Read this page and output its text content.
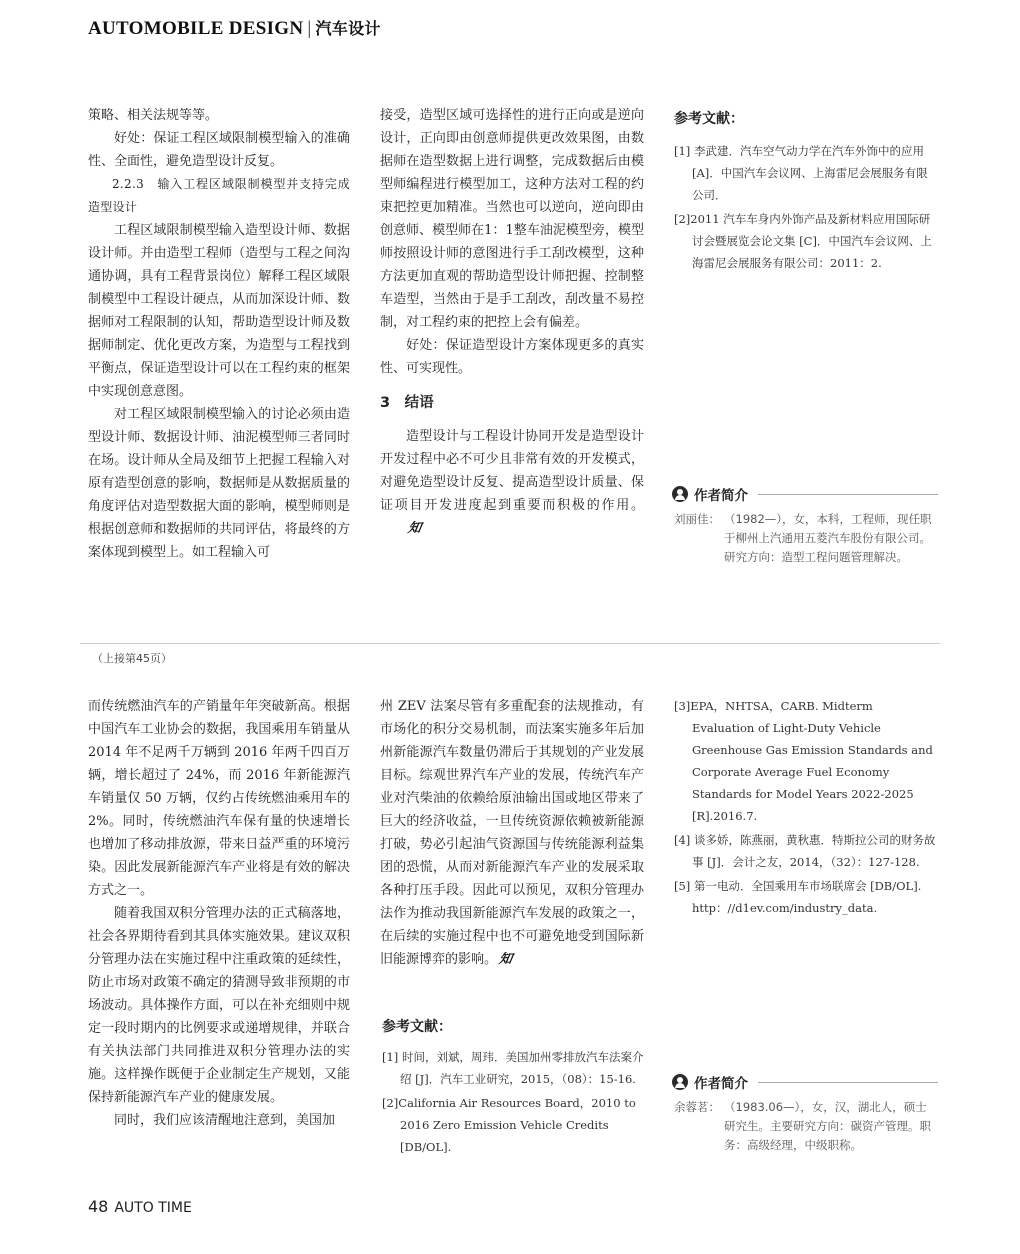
AUTOMOBILE DESIGN | 汽车设计

策略、相关法规等等。

好处：保证工程区域限制模型输入的准确性、全面性，避免造型设计反复。

2.2.3　输入工程区域限制模型并支持完成造型设计

工程区域限制模型输入造型设计师、数据设计师。并由造型工程师（造型与工程之间沟通协调，具有工程背景岗位）解释工程区域限制模型中工程设计硬点，从而加深设计师、数据师对工程限制的认知，帮助造型设计师及数据师制定、优化更改方案，为造型与工程找到平衡点，保证造型设计可以在工程约束的框架中实现创意意图。

对工程区域限制模型输入的讨论必须由造型设计师、数据设计师、油泥模型师三者同时在场。设计师从全局及细节上把握工程输入对原有造型创意的影响，数据师是从数据质量的角度评估对造型数据大面的影响，模型师则是根据创意师和数据师的共同评估，将最终的方案体现到模型上。如工程输入可

接受，造型区域可选择性的进行正向或是逆向设计，正向即由创意师提供更改效果图，由数据师在造型数据上进行调整，完成数据后由模型师编程进行模型加工，这种方法对工程的约束把控更加精准。当然也可以逆向，逆向即由创意师、模型师在1：1整车油泥模型旁，模型师按照设计师的意图进行手工刮改模型，这种方法更加直观的帮助造型设计师把握、控制整车造型，当然由于是手工刮改，刮改量不易控制，对工程约束的把控上会有偏差。

好处：保证造型设计方案体现更多的真实性、可实现性。

3　结语

造型设计与工程设计协同开发是造型设计开发过程中必不可少且非常有效的开发模式，对避免造型设计反复、提高造型设计质量、保证项目开发进度起到重要而积极的作用。知

参考文献：

[1] 李武建．汽车空气动力学在汽车外饰中的应用 [A]．中国汽车会议网、上海雷尼会展服务有限公司．

[2]2011 汽车车身内外饰产品及新材料应用国际研讨会暨展览会论文集 [C]．中国汽车会议网、上海雷尼会展服务有限公司：2011：2.

作者简介
刘丽佳： （1982—），女，本科，工程师，现任职于柳州上汽通用五菱汽车股份有限公司。研究方向：造型工程问题管理解决。
（上接第45页）

而传统燃油汽车的产销量年年突破新高。根据中国汽车工业协会的数据，我国乘用车销量从 2014 年不足两千万辆到 2016 年两千四百万辆，增长超过了 24%，而 2016 年新能源汽车销量仅 50 万辆，仅约占传统燃油乘用车的 2%。同时，传统燃油汽车保有量的快速增长也增加了移动排放源，带来日益严重的环境污染。因此发展新能源汽车产业将是有效的解决方式之一。

随着我国双积分管理办法的正式稿落地，社会各界期待看到其具体实施效果。建议双积分管理办法在实施过程中注重政策的延续性，防止市场对政策不确定的猜测导致非预期的市场波动。具体操作方面，可以在补充细则中规定一段时期内的比例要求或递增规律，并联合有关执法部门共同推进双积分管理办法的实施。这样操作既便于企业制定生产规划，又能保持新能源汽车产业的健康发展。

同时，我们应该清醒地注意到，美国加

州 ZEV 法案尽管有多重配套的法规推动，有市场化的积分交易机制，而法案实施多年后加州新能源汽车数量仍滞后于其规划的产业发展目标。综观世界汽车产业的发展，传统汽车产业对汽柴油的依赖给原油输出国或地区带来了巨大的经济收益，一旦传统资源依赖被新能源打破，势必引起油气资源国与传统能源利益集团的恐慌，从而对新能源汽车产业的发展采取各种打压手段。因此可以预见，双积分管理办法作为推动我国新能源汽车发展的政策之一，在后续的实施过程中也不可避免地受到国际新旧能源博弈的影响。知

参考文献：

[1] 时间，刘斌，周玮．美国加州零排放汽车法案介绍 [J]．汽车工业研究，2015，（08）：15-16.

[2]California Air Resources Board，2010 to 2016 Zero Emission Vehicle Credits [DB/OL].

[3]EPA，NHTSA，CARB. Midterm Evaluation of Light-Duty Vehicle Greenhouse Gas Emission Standards and Corporate Average Fuel Economy Standards for Model Years 2022-2025 [R].2016.7.

[4] 谈多娇，陈燕丽，黄秋惠．特斯拉公司的财务故事 [J]．会计之友，2014，（32）：127-128.

[5] 第一电动．全国乘用车市场联席会 [DB/OL]. http：//d1ev.com/industry_data.

作者简介
余蓉茗： （1983.06—），女，汉，湖北人，硕士研究生。主要研究方向：碳资产管理。职务：高级经理，中级职称。
48 AUTO TIME
